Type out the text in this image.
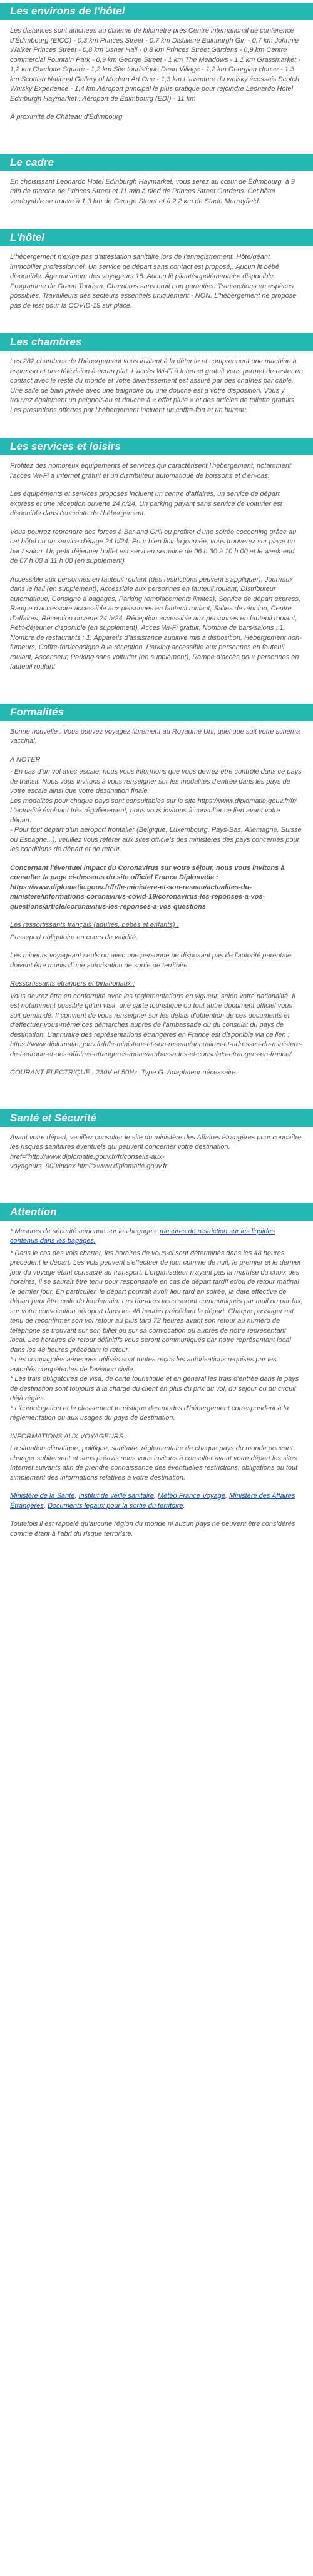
Les environs de l'hôtel

Les distances sont affichées au dixième de kilomètre près Centre international de conférence d'Édimbourg (EICC) - 0,3 km Princes Street - 0,7 km Distillerie Edinburgh Gin - 0,7 km Johnnie Walker Princes Street - 0,8 km Usher Hall - 0,8 km Princes Street Gardens - 0,9 km Centre commercial Fountain Park - 0,9 km George Street - 1 km The Meadows - 1,1 km Grassmarket - 1,2 km Charlotte Square - 1,2 km Site touristique Dean Village - 1,2 km Georgian House - 1,3 km Scottish National Gallery of Modern Art One - 1,3 km L'aventure du whisky écossais Scotch Whisky Experience - 1,4 km Aéroport principal le plus pratique pour rejoindre Leonardo Hotel Edinburgh Haymarket : Aéroport de Édimbourg (EDI) - 11 km

À proximité de Château d'Édimbourg

Le cadre

En choisissant Leonardo Hotel Edinburgh Haymarket, vous serez au cœur de Édimbourg, à 9 min de marche de Princes Street et 11 min à pied de Princes Street Gardens. Cet hôtel verdoyable se trouve à 1,3 km de George Street et à 2,2 km de Stade Murrayfield.

L'hôtel

L'hébergement n'exige pas d'attestation sanitaire lors de l'enregistrement. Hôte/géant immobilier professionnel. Un service de départ sans contact est proposé,. Aucun lit bébé disponible. Âge minimum des voyageurs 18. Aucun lit pliant/supplémentaire disponible. Programme de Green Tourism. Chambres sans bruit non garanties. Transactions en espèces possibles. Travailleurs des secteurs essentiels uniquement - NON. L'hébergement ne propose pas de test pour la COVID-19 sur place.

Les chambres

Les 282 chambres de l'hébergement vous invitent à la détente et comprennent une machine à espresso et une télévision à écran plat. L'accès Wi-Fi à Internet gratuit vous permet de rester en contact avec le reste du monde et votre divertissement est assuré par des chaînes par câble. Une salle de bain privée avec une baignoire ou une douche est à votre disposition. Vous y trouvez également un peignoir-au et douche à « effet pluie » et des articles de toilette gratuits. Les prestations offertes par l'hébergement incluent un coffre-fort et un bureau.

Les services et loisirs

Profitez des nombreux équipements et services qui caractérisent l'hébergement, notamment l'accès Wi-Fi à Internet gratuit et un distributeur automatique de boissons et d'en-cas.

Les équipements et services proposés incluent un centre d'affaires, un service de départ express et une réception ouverte 24 h/24. Un parking payant sans service de voiturier est disponible dans l'enceinte de l'hébergement.

Vous pourrez reprendre des forces à Bar and Grill ou profiter d'une soirée cocooning grâce au cet hôtel ou un service d'étage 24 h/24. Pour bien finir la journée, vous trouverez sur place un bar / salon. Un petit déjeuner buffet est servi en semaine de 06 h 30 à 10 h 00 et le week-end de 07 h 00 à 11 h 00 (en supplément).

Accessible aux personnes en fauteuil roulant (des restrictions peuvent s'appliquer), Journaux dans le hall (en supplément), Accessible aux personnes en fauteuil roulant, Distributeur automatique, Consigne à bagages, Parking (emplacements limités), Service de départ express, Rampe d'accessoire accessible aux personnes en fauteuil roulant, Salles de réunion, Centre d'affaires, Réception ouverte 24 h/24, Réception accessible aux personnes en fauteuil roulant, Petit-déjeuner disponible (en supplément), Accès Wi-Fi gratuit, Nombre de bars/salons : 1, Nombre de restaurants : 1, Appareils d'assistance auditive mis à disposition, Hébergement non-fumeurs, Coffre-fort/consigne à la réception, Parking accessible aux personnes en fauteuil roulant, Ascenseur, Parking sans voiturier (en supplément), Rampe d'accès pour personnes en fauteuil roulant

Formalités

Bonne nouvelle : Vous pouvez voyagez librement au Royaume Uni, quel que soit votre schéma vaccinal.

A NOTER

- En cas d'un vol avec escale, nous vous informons que vous devrez être contrôlé dans ce pays de transit. Nous vous invitons à vous renseigner sur les modalités d'entrée dans les pays de votre escale ainsi que votre destination finale.
Les modalités pour chaque pays sont consultables sur le site https://www.diplomatie.gouv.fr/fr/ L'actualité évoluant très régulièrement, nous vous invitons à consulter ce lien avant votre départ.
- Pour tout départ d'un aéroport frontalier (Belgique, Luxembourg, Pays-Bas, Allemagne, Suisse ou Espagne...), veuillez vous référer aux sites officiels des ministères des pays concernés pour les conditions de départ et de retour.

Concernant l'éventuel impact du Coronavirus sur votre séjour, nous vous invitons à consulter la page ci-dessous du site officiel France Diplomatie : https://www.diplomatie.gouv.fr/fr/le-ministere-et-son-reseau/actualites-du-ministere/informations-coronavirus-covid-19/coronavirus-les-reponses-a-vos-questions/article/coronavirus-les-reponses-a-vos-questions

Les ressortissants français (adultes, bébés et enfants) :

Passeport obligatoire en cours de validité.

Les mineurs voyageant seuls ou avec une personne ne disposant pas de l'autorité parentale doivent être munis d'une autorisation de sortie de territoire.

Ressortissants étrangers et binationaux :

Vous devrez être en conformité avec les réglementations en vigueur, selon votre nationalité. Il est notamment possible qu'un visa, une carte touristique ou tout autre document officiel vous soit demandé. Il convient de vous renseigner sur les délais d'obtention de ces documents et d'effectuer vous-même ces démarches auprès de l'ambassade ou du consulat du pays de destination. L'annuaire des représentations étrangères en France est disponible via ce lien : https://www.diplomatie.gouv.fr/fr/le-ministere-et-son-reseau/annuaires-et-adresses-du-ministere-de-l-europe-et-des-affaires-etrangeres-meae/ambassades-et-consulats-etrangers-en-france/

COURANT ELECTRIQUE : 230V et 50Hz. Type G. Adaptateur nécessaire.

Santé et Sécurité

Avant votre départ, veuillez consulter le site du ministère des Affaires étrangères pour connaître les risques sanitaires éventuels qui peuvent concerner votre destination. href="http://www.diplomatie.gouv.fr/fr/conseils-aux-voyageurs_909/index.html">www.diplomatie.gouv.fr

Attention

* Mesures de sécurité aérienne sur les bagages: mesures de restriction sur les liquides contenus dans les bagages.

* Dans le cas des vols charter, les horaires de vous-ci sont déterminés dans les 48 heures précédent le départ. Les vols peuvent s'effectuer de jour comme de nuit, le premier et le dernier jour du voyage étant consacré au transport. L'organisateur n'ayant pas la maîtrise du choix des horaires, il se saurait être tenu pour responsable en cas de départ tardif et/ou de retour matinal le dernier jour. En particulier, le départ pourrait avoir lieu tard en soirée, la date effective de départ peut être celle du lendemain. Les horaires vous seront communiqués par mail ou par fax, sur votre convocation aéroport dans les 48 heures précédant le départ. Chaque passager est tenu de reconfirmer son vol retour au plus tard 72 heures avant son retour au numéro de téléphone se trouvant sur son billet ou sur sa convocation ou auprès de notre représentant local. Les horaires de retour définitifs vous seront communiqués par notre représentant local dans les 48 heures précédant le retour.
* Les compagnies aériennes utilisés sont toutes reçus les autorisations requises par les autorités compétentes de l'aviation civile.
* Les frais obligatoires de visa, de carte touristique et en général les frais d'entrée dans le pays de destination sont toujours à la charge du client en plus du prix du vol, du séjour ou du circuit déjà réglés.
* L'homologation et le classement touristique des modes d'hébergement correspondent à la réglementation ou aux usages du pays de destination.

INFORMATIONS AUX VOYAGEURS :

La situation climatique, politique, sanitaire, réglementaire de chaque pays du monde pouvant changer subitement et sans préavis nous vous invitons à consulter avant votre départ les sites Internet suivants afin de prendre connaissance des éventuelles restrictions, obligations ou tout simplement des informations relatives à votre destination.

Ministère de la Santé, Institut de veille sanitaire, Météo France Voyage, Ministère des Affaires Étrangères, Documents légaux pour la sortie du territoire.

Toutefois il est rappelé qu'aucune région du monde ni aucun pays ne peuvent être considérés comme étant à l'abri du risque terroriste.
